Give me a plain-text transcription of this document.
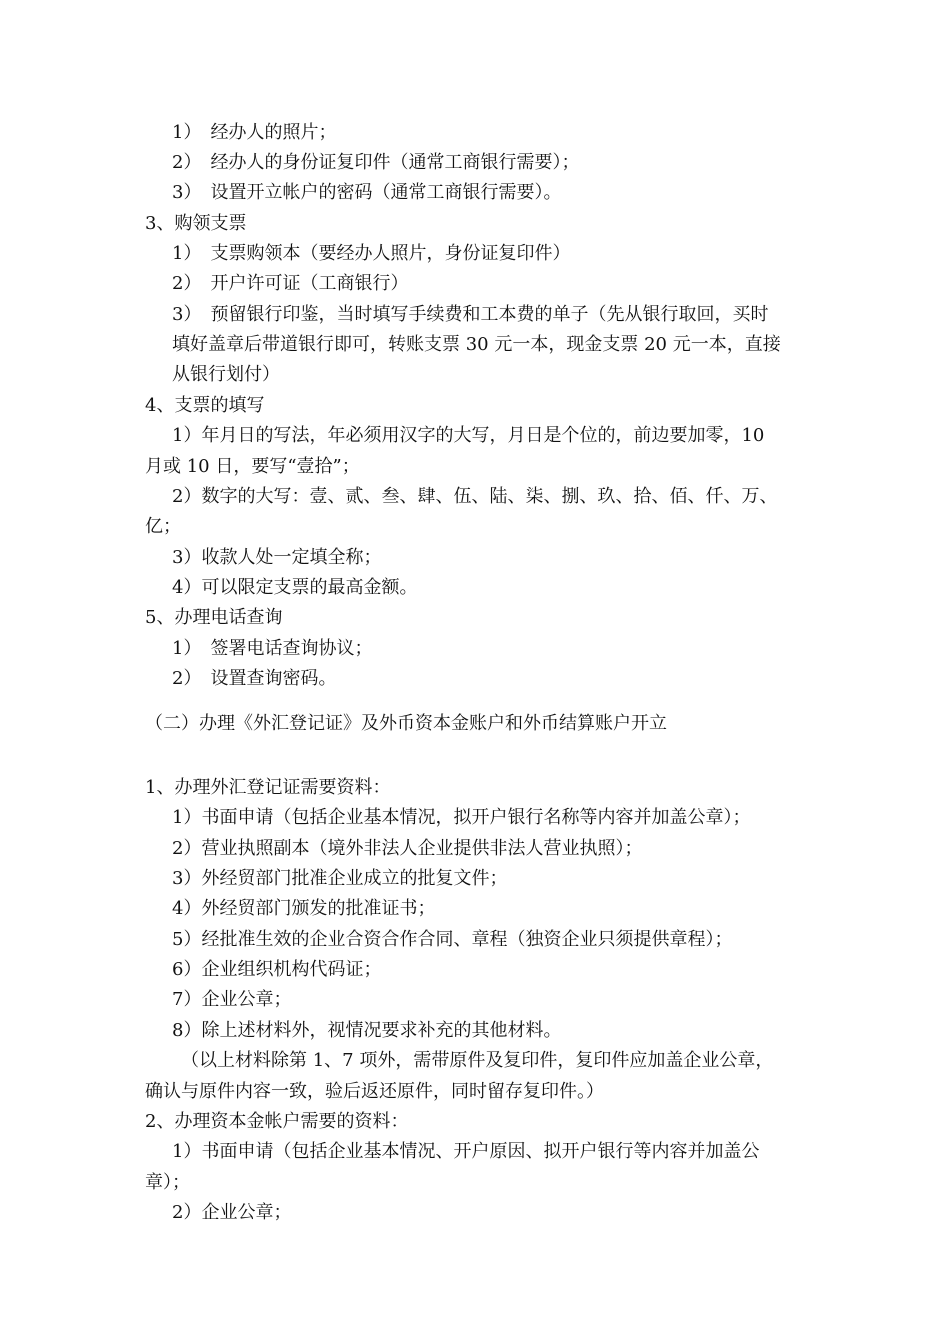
1）　经办人的照片；
2）　经办人的身份证复印件（通常工商银行需要）；
3）　设置开立帐户的密码（通常工商银行需要）。
3、购领支票
1）　支票购领本（要经办人照片，身份证复印件）
2）　开户许可证（工商银行）
3）　预留银行印鉴，当时填写手续费和工本费的单子（先从银行取回，买时
填好盖章后带道银行即可，转账支票 30 元一本，现金支票 20 元一本，直接
从银行划付）
4、支票的填写
1）年月日的写法，年必须用汉字的大写，月日是个位的，前边要加零，10
月或 10 日，要写“壹拾”；
2）数字的大写：壹、贰、叁、肆、伍、陆、柒、捌、玖、拾、佰、仟、万、
亿；
3）收款人处一定填全称；
4）可以限定支票的最高金额。
5、办理电话查询
1）　签署电话查询协议；
2）　设置查询密码。
（二）办理《外汇登记证》及外币资本金账户和外币结算账户开立
1、办理外汇登记证需要资料：
1）书面申请（包括企业基本情况，拟开户银行名称等内容并加盖公章）；
2）营业执照副本（境外非法人企业提供非法人营业执照）；
3）外经贸部门批准企业成立的批复文件；
4）外经贸部门颁发的批准证书；
5）经批准生效的企业合资合作合同、章程（独资企业只须提供章程）；
6）企业组织机构代码证；
7）企业公章；
8）除上述材料外，视情况要求补充的其他材料。
（以上材料除第 1、7 项外，需带原件及复印件，复印件应加盖企业公章，
确认与原件内容一致，验后返还原件，同时留存复印件。）
2、办理资本金帐户需要的资料：
1）书面申请（包括企业基本情况、开户原因、拟开户银行等内容并加盖公
章）；
2）企业公章；
